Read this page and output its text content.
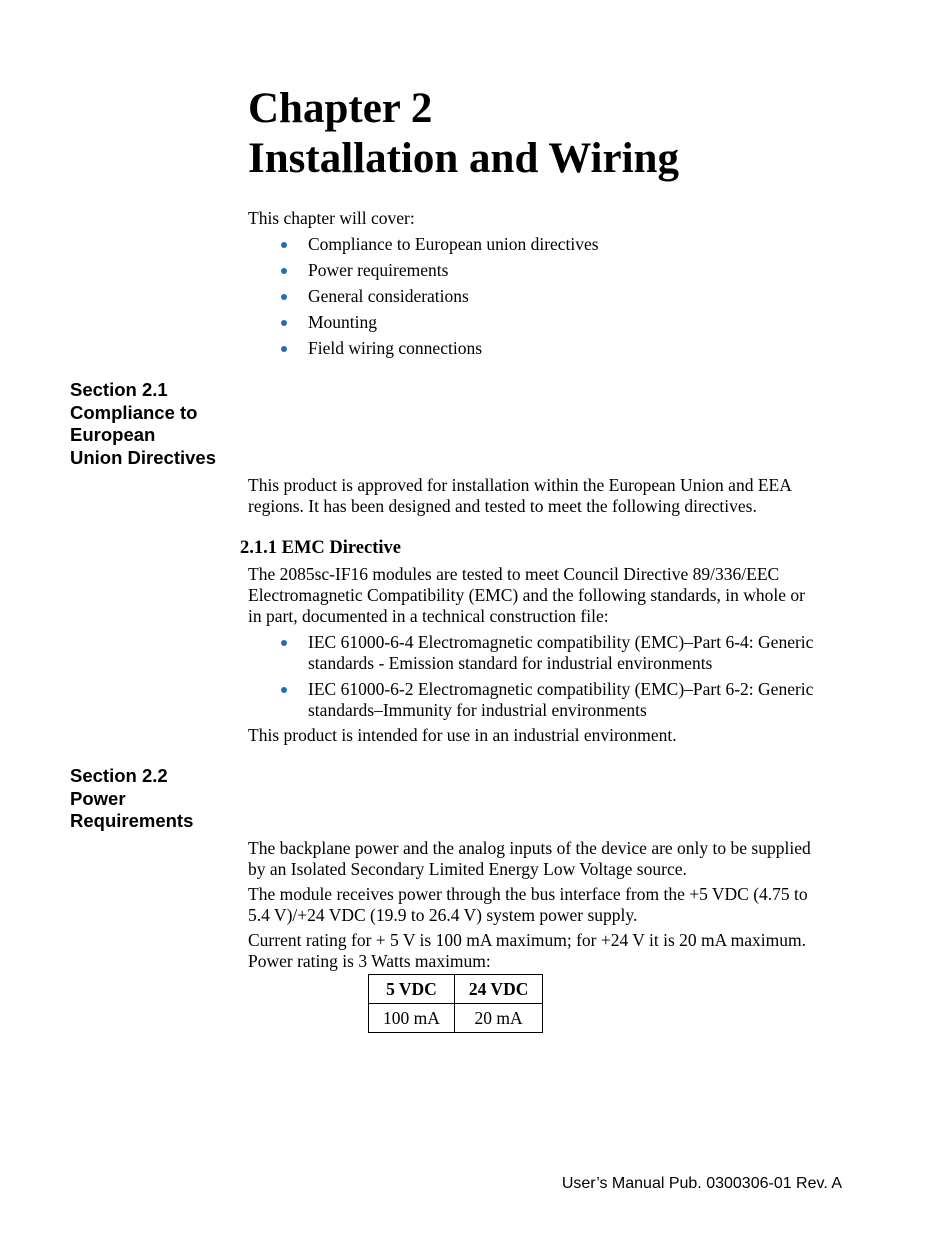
Chapter 2
Installation and Wiring

This chapter will cover:

Compliance to European union directives
Power requirements
General considerations
Mounting
Field wiring connections
Section 2.1
Compliance to
European
Union Directives

This product is approved for installation within the European Union and EEA
regions. It has been designed and tested to meet the following directives.

2.1.1 EMC Directive

The 2085sc-IF16 modules are tested to meet Council Directive 89/336/EEC
Electromagnetic Compatibility (EMC) and the following standards, in whole or
in part, documented in a technical construction file:

IEC 61000-6-4 Electromagnetic compatibility (EMC)–Part 6-4: Generic
standards - Emission standard for industrial environments
IEC 61000-6-2 Electromagnetic compatibility (EMC)–Part 6-2: Generic
standards–Immunity for industrial environments

This product is intended for use in an industrial environment.

Section 2.2
Power
Requirements

The backplane power and the analog inputs of the device are only to be supplied
by an Isolated Secondary Limited Energy Low Voltage source.

The module receives power through the bus interface from the +5 VDC (4.75 to
5.4 V)/+24 VDC (19.9 to 26.4 V) system power supply.

Current rating for + 5 V is 100 mA maximum; for +24 V it is 20 mA maximum.
Power rating is 3 Watts maximum:

5 VDC	24 VDC
100 mA	20 mA

User’s Manual Pub. 0300306-01 Rev. A
